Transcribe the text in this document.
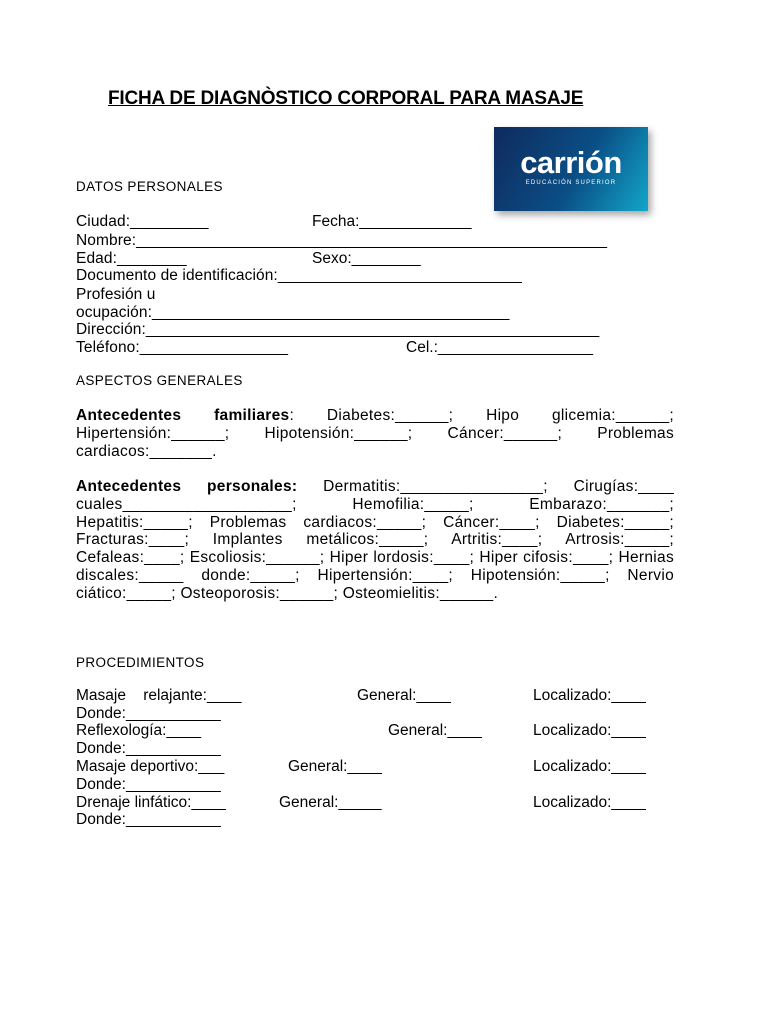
FICHA DE DIAGNÒSTICO CORPORAL PARA MASAJE
carrión
EDUCACIÓN SUPERIOR
DATOS PERSONALES

Ciudad:_________	Fecha:_____________

Nombre:______________________________________________________

Edad:________	Sexo:________

Documento de identificación:____________________________

Profesión u

ocupación:_________________________________________

Dirección:____________________________________________________

Teléfono:_________________	Cel.:__________________

ASPECTOS GENERALES

Antecedentes familiares: Diabetes:______; Hipo glicemia:______; Hipertensión:______; Hipotensión:______; Cáncer:______; Problemas cardiacos:_______.

Antecedentes personales: Dermatitis:________________; Cirugías:____ cuales___________________; Hemofilia:_____; Embarazo:_______; Hepatitis:_____; Problemas cardiacos:_____; Cáncer:____; Diabetes:_____; Fracturas:____; Implantes metálicos:_____; Artritis:____; Artrosis:_____; Cefaleas:____; Escoliosis:______; Hiper lordosis:____; Hiper cifosis:____; Hernias discales:_____ donde:_____; Hipertensión:____; Hipotensión:_____; Nervio ciático:_____; Osteoporosis:______; Osteomielitis:______.

PROCEDIMIENTOS

Masaje    relajante:____	General:____	Localizado:____

Donde:___________

Reflexología:____	General:____	Localizado:____

Donde:___________

Masaje deportivo:___	General:____	Localizado:____

Donde:___________

Drenaje linfático:____	General:_____	Localizado:____

Donde:___________
